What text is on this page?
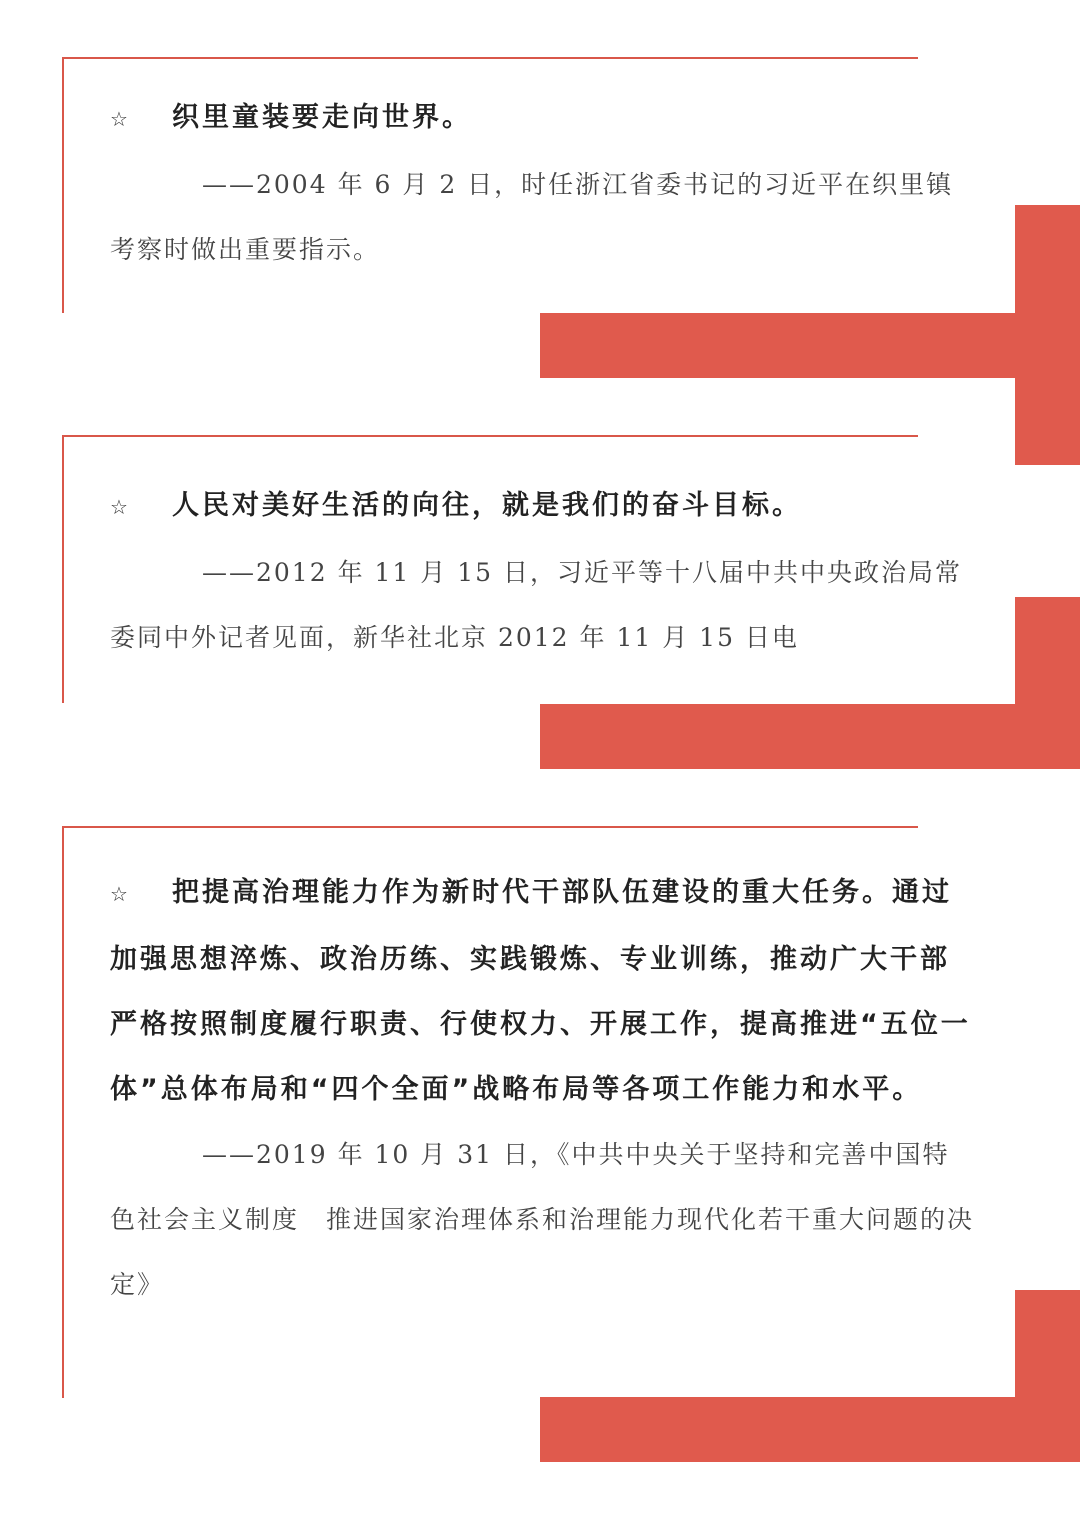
☆ 织里童装要走向世界。

——2004 年 6 月 2 日，时任浙江省委书记的习近平在织里镇考察时做出重要指示。

☆ 人民对美好生活的向往，就是我们的奋斗目标。

——2012 年 11 月 15 日，习近平等十八届中共中央政治局常委同中外记者见面，新华社北京 2012 年 11 月 15 日电

☆ 把提高治理能力作为新时代干部队伍建设的重大任务。通过加强思想淬炼、政治历练、实践锻炼、专业训练，推动广大干部严格按照制度履行职责、行使权力、开展工作，提高推进“五位一体”总体布局和“四个全面”战略布局等各项工作能力和水平。

——2019 年 10 月 31 日，《中共中央关于坚持和完善中国特色社会主义制度　推进国家治理体系和治理能力现代化若干重大问题的决定》
